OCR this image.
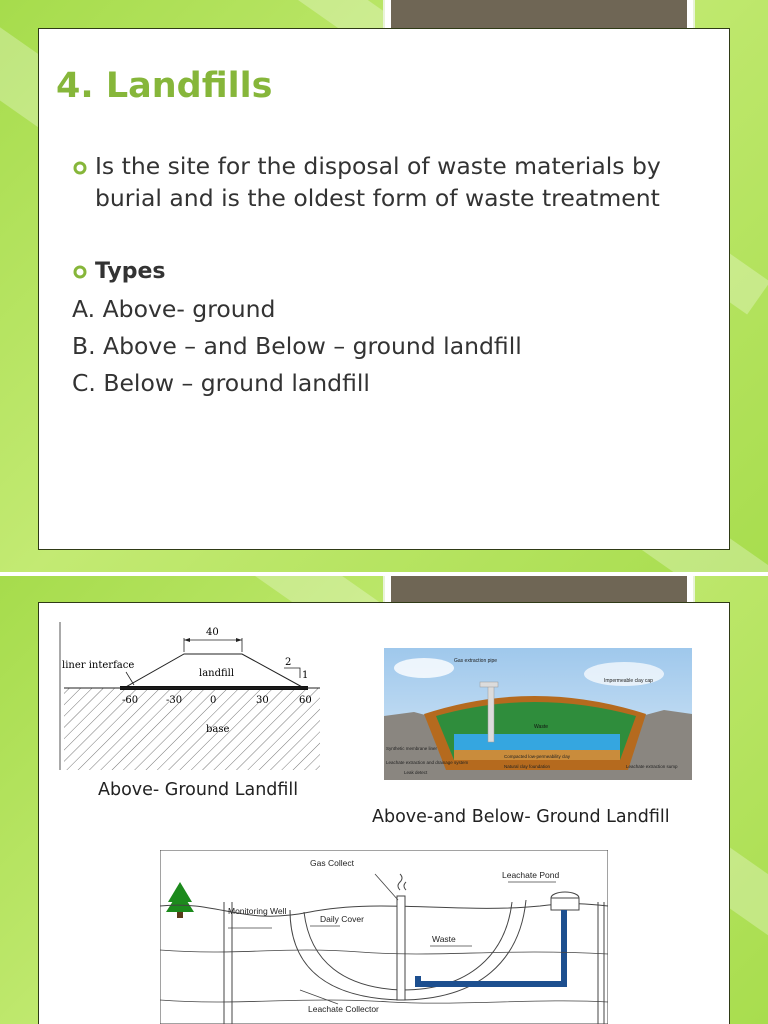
4. Landfills
Is the site for the disposal of waste materials by
burial and is the oldest form of waste treatment
Types
A. Above- ground
B. Above – and Below – ground landfill
C. Below – ground landfill
40
landfill
liner interface	2
1
-60	-30	0	30	60
base
Above- Ground Landfill
Gas extraction pipe
Impermeable clay cap
Waste
Synthetic membrane liner
Leachate extraction and drainage system
Compacted low-permeability clay
Natural clay foundation
Leak detect
Leachate extraction sump
Above-and Below- Ground Landfill
Gas Collect
Leachate Pond
Monitoring Well
Daily Cover
Waste
Leachate Collector
